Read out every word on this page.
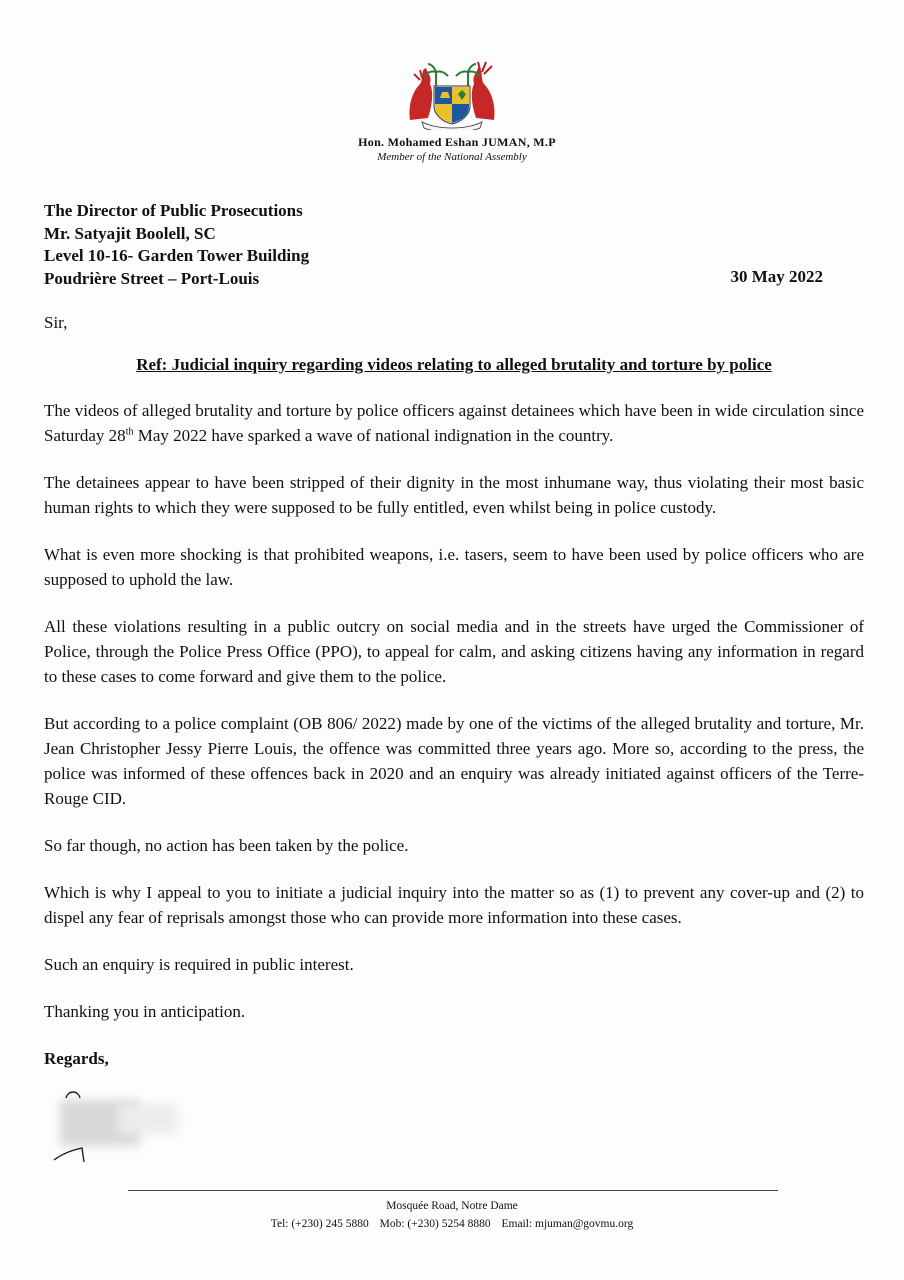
Hon. Mohamed Eshan JUMAN, M.P
Member of the National Assembly
The Director of Public Prosecutions
Mr. Satyajit Boolell, SC
Level 10-16- Garden Tower Building
Poudrière Street – Port-Louis	30 May 2022
Sir,
Ref: Judicial inquiry regarding videos relating to alleged brutality and torture by police

The videos of alleged brutality and torture by police officers against detainees which have been in wide circulation since Saturday 28th May 2022 have sparked a wave of national indignation in the country.

The detainees appear to have been stripped of their dignity in the most inhumane way, thus violating their most basic human rights to which they were supposed to be fully entitled, even whilst being in police custody.

What is even more shocking is that prohibited weapons, i.e. tasers, seem to have been used by police officers who are supposed to uphold the law.

All these violations resulting in a public outcry on social media and in the streets have urged the Commissioner of Police, through the Police Press Office (PPO), to appeal for calm, and asking citizens having any information in regard to these cases to come forward and give them to the police.

But according to a police complaint (OB 806/ 2022) made by one of the victims of the alleged brutality and torture, Mr. Jean Christopher Jessy Pierre Louis, the offence was committed three years ago. More so, according to the press, the police was informed of these offences back in 2020 and an enquiry was already initiated against officers of the Terre-Rouge CID.

So far though, no action has been taken by the police.

Which is why I appeal to you to initiate a judicial inquiry into the matter so as (1) to prevent any cover-up and (2) to dispel any fear of reprisals amongst those who can provide more information into these cases.

Such an enquiry is required in public interest.

Thanking you in anticipation.

Regards,

Mosquée Road, Notre Dame
Tel: (+230) 245 5880 Mob: (+230) 5254 8880 Email: mjuman@govmu.org
